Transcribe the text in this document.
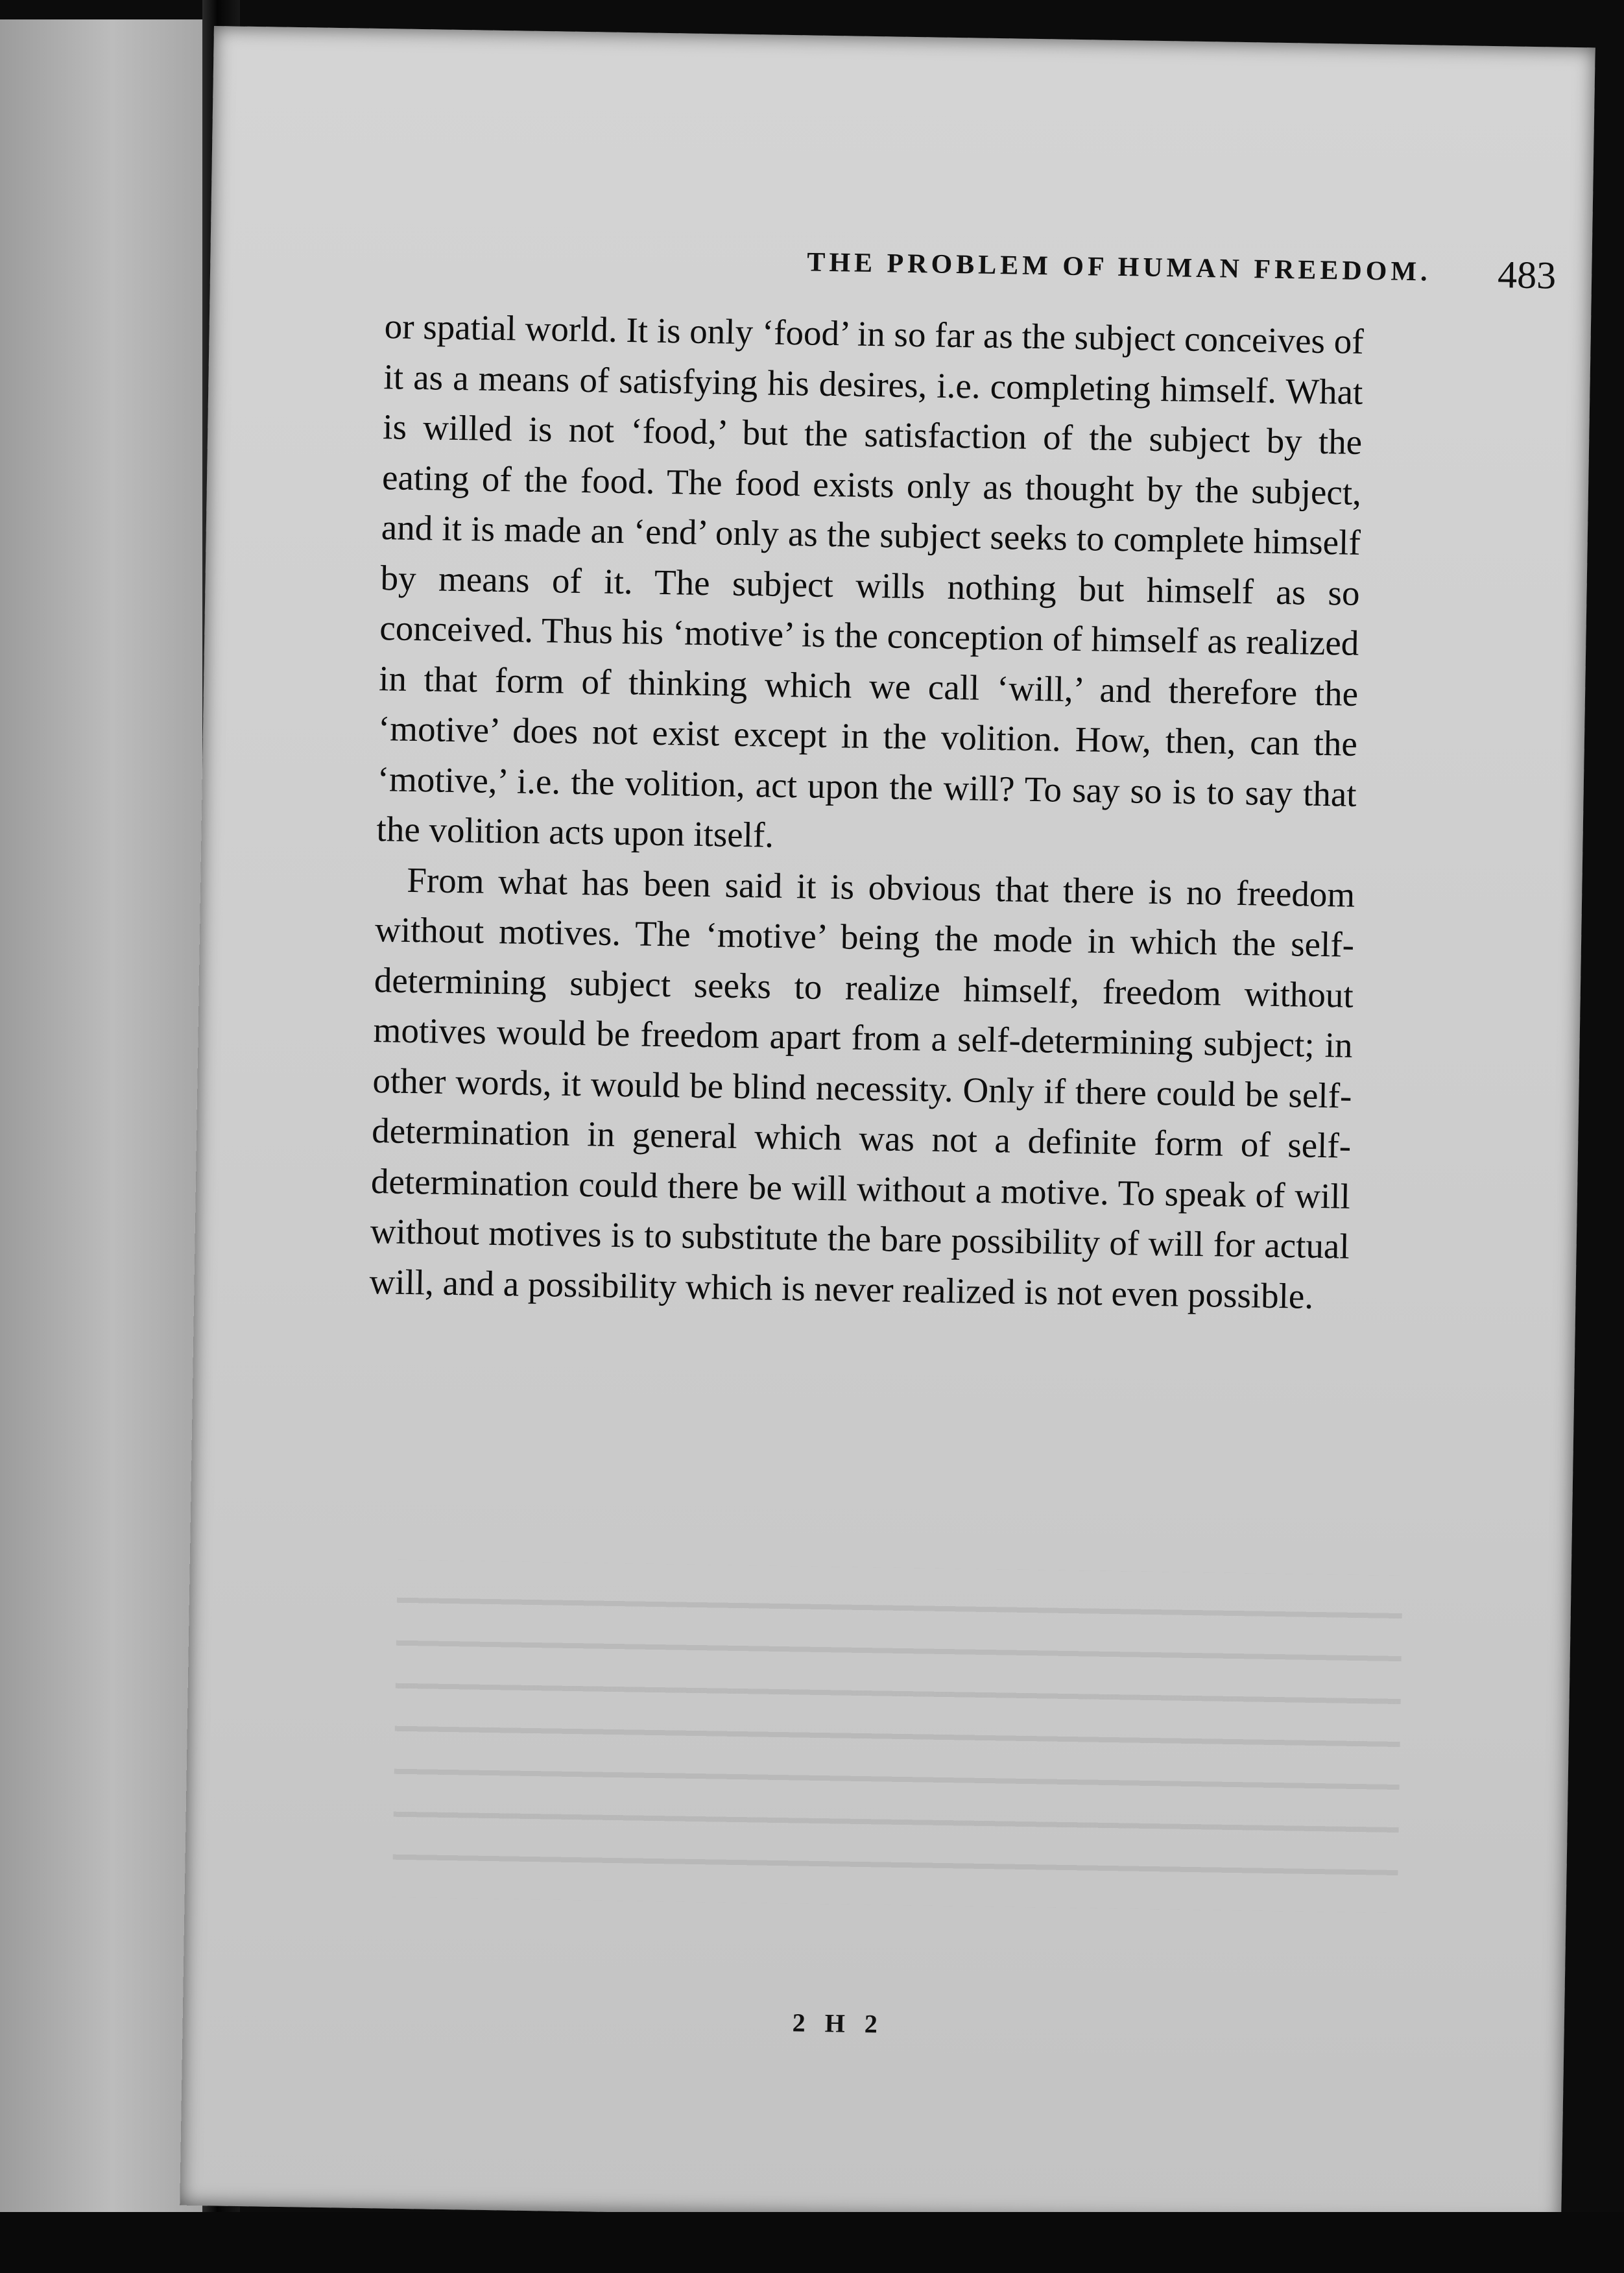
THE PROBLEM OF HUMAN FREEDOM. 483

or spatial world. It is only ‘food’ in so far as the subject conceives of it as a means of satisfying his desires, i.e. completing himself. What is willed is not ‘food,’ but the satisfaction of the subject by the eating of the food. The food exists only as thought by the subject, and it is made an ‘end’ only as the subject seeks to complete himself by means of it. The subject wills nothing but himself as so conceived. Thus his ‘motive’ is the conception of himself as realized in that form of thinking which we call ‘will,’ and therefore the ‘motive’ does not exist except in the volition. How, then, can the ‘motive,’ i.e. the volition, act upon the will? To say so is to say that the volition acts upon itself.

From what has been said it is obvious that there is no freedom without motives. The ‘motive’ being the mode in which the self-determining subject seeks to realize himself, freedom without motives would be freedom apart from a self-determining subject; in other words, it would be blind necessity. Only if there could be self-determination in general which was not a definite form of self-determination could there be will without a motive. To speak of will without motives is to substitute the bare possibility of will for actual will, and a possibility which is never realized is not even possible.

2 H 2
